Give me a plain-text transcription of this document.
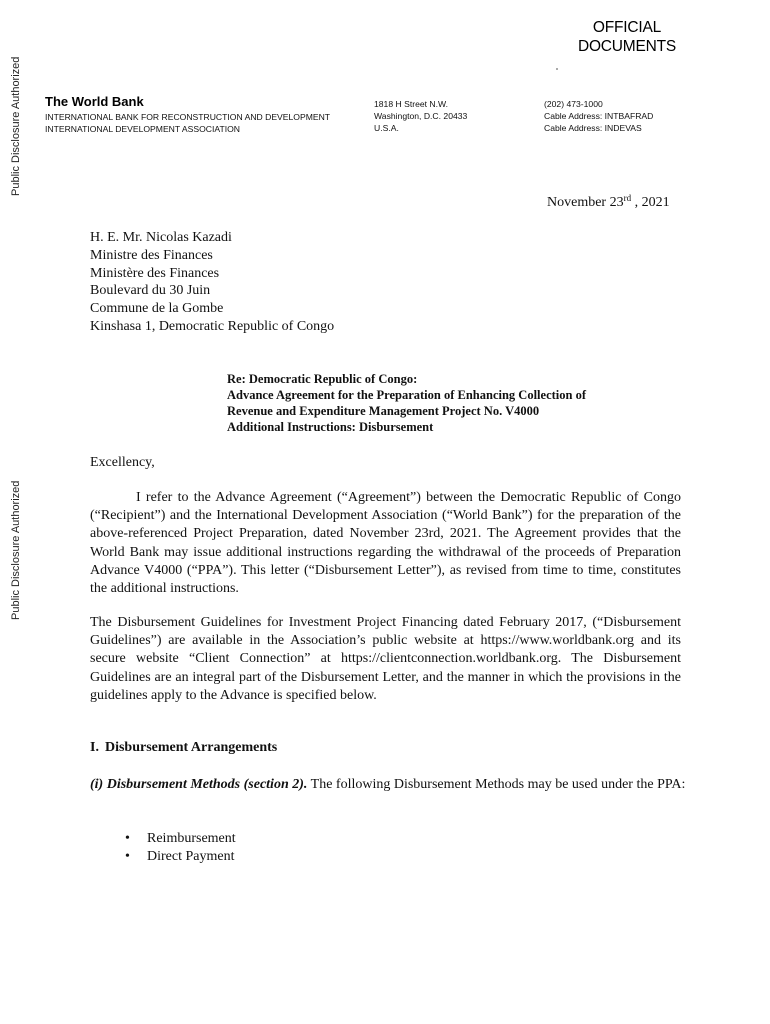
Public Disclosure Authorized
Public Disclosure Authorized
OFFICIAL
DOCUMENTS
The World Bank
INTERNATIONAL BANK FOR RECONSTRUCTION AND DEVELOPMENT
INTERNATIONAL DEVELOPMENT ASSOCIATION
1818 H Street N.W.
Washington, D.C. 20433
U.S.A.
(202) 473-1000
Cable Address: INTBAFRAD
Cable Address: INDEVAS
November 23rd , 2021
H. E. Mr. Nicolas Kazadi
Ministre des Finances
Ministère des Finances
Boulevard du 30 Juin
Commune de la Gombe
Kinshasa 1, Democratic Republic of Congo
Re: Democratic Republic of Congo:
Advance Agreement for the Preparation of Enhancing Collection of
Revenue and Expenditure Management Project No. V4000
Additional Instructions: Disbursement
Excellency,

I refer to the Advance Agreement (“Agreement”) between the Democratic Republic of Congo (“Recipient”) and the International Development Association (“World Bank”) for the preparation of the above-referenced Project Preparation, dated November 23rd, 2021. The Agreement provides that the World Bank may issue additional instructions regarding the withdrawal of the proceeds of Preparation Advance V4000 (“PPA”). This letter (“Disbursement Letter”), as revised from time to time, constitutes the additional instructions.

The Disbursement Guidelines for Investment Project Financing dated February 2017, (“Disbursement Guidelines”) are available in the Association’s public website at https://www.worldbank.org and its secure website “Client Connection” at https://clientconnection.worldbank.org. The Disbursement Guidelines are an integral part of the Disbursement Letter, and the manner in which the provisions in the guidelines apply to the Advance is specified below.

I. Disbursement Arrangements
(i) Disbursement Methods (section 2). The following Disbursement Methods may be used under the PPA:
• Reimbursement
• Direct Payment
